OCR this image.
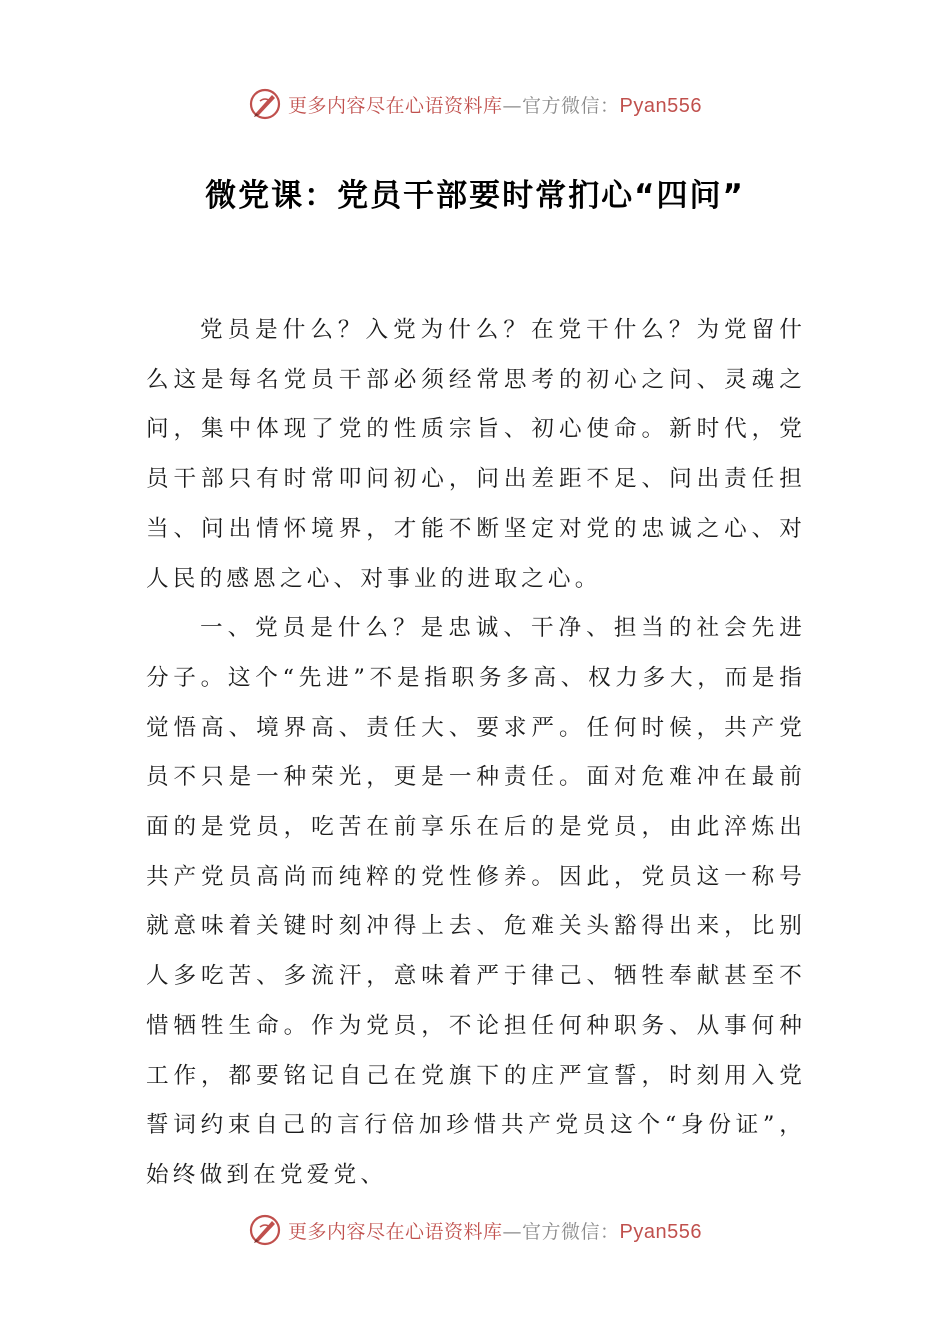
更多内容尽在心语资料库—官方微信：Pyan556
微党课：党员干部要时常扪心“四问”

党员是什么？入党为什么？在党干什么？为党留什么这是每名党员干部必须经常思考的初心之问、灵魂之问，集中体现了党的性质宗旨、初心使命。新时代，党员干部只有时常叩问初心，问出差距不足、问出责任担当、问出情怀境界，才能不断坚定对党的忠诚之心、对人民的感恩之心、对事业的进取之心。

一、党员是什么？是忠诚、干净、担当的社会先进分子。这个“先进”不是指职务多高、权力多大，而是指觉悟高、境界高、责任大、要求严。任何时候，共产党员不只是一种荣光，更是一种责任。面对危难冲在最前面的是党员，吃苦在前享乐在后的是党员，由此淬炼出共产党员高尚而纯粹的党性修养。因此，党员这一称号就意味着关键时刻冲得上去、危难关头豁得出来，比别人多吃苦、多流汗，意味着严于律己、牺牲奉献甚至不惜牺牲生命。作为党员，不论担任何种职务、从事何种工作，都要铭记自己在党旗下的庄严宣誓，时刻用入党誓词约束自己的言行倍加珍惜共产党员这个“身份证”，始终做到在党爱党、

更多内容尽在心语资料库—官方微信：Pyan556
